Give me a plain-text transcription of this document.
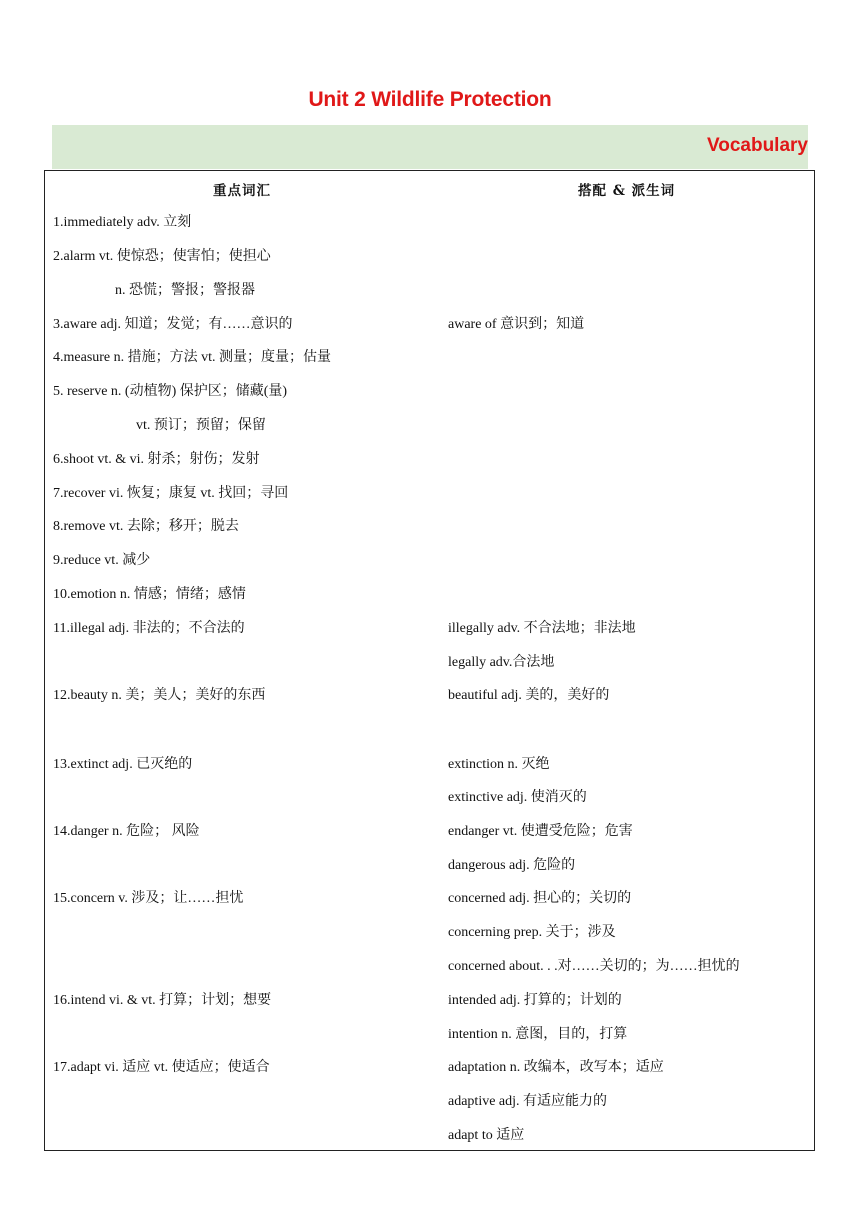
Unit 2 Wildlife Protection
Vocabulary
重点词汇	搭配 & 派生词
1.immediately adv. 立刻
2.alarm vt. 使惊恐；使害怕；使担心
n. 恐慌；警报；警报器
3.aware adj. 知道；发觉；有……意识的
4.measure n. 措施；方法 vt. 测量；度量；估量
5. reserve n. (动植物) 保护区；储藏(量)
vt. 预订；预留；保留
6.shoot vt. & vi. 射杀；射伤；发射
7.recover vi. 恢复；康复 vt. 找回；寻回
8.remove vt. 去除；移开；脱去
9.reduce vt. 减少
10.emotion n. 情感；情绪；感情
11.illegal adj. 非法的；不合法的
12.beauty n. 美；美人；美好的东西
13.extinct adj. 已灭绝的
14.danger n. 危险； 风险
15.concern v. 涉及；让……担忧
16.intend vi. & vt. 打算；计划；想要
17.adapt vi. 适应 vt. 使适应；使适合
aware of 意识到；知道
illegally adv. 不合法地；非法地
legally adv.合法地
beautiful adj. 美的，美好的
extinction n. 灭绝
extinctive adj. 使消灭的
endanger vt. 使遭受危险；危害
dangerous adj. 危险的
concerned adj. 担心的；关切的
concerning prep. 关于；涉及
concerned about. . .对……关切的；为……担忧的
intended adj. 打算的；计划的
intention n. 意图，目的，打算
adaptation n. 改编本，改写本；适应
adaptive adj. 有适应能力的
adapt to 适应
